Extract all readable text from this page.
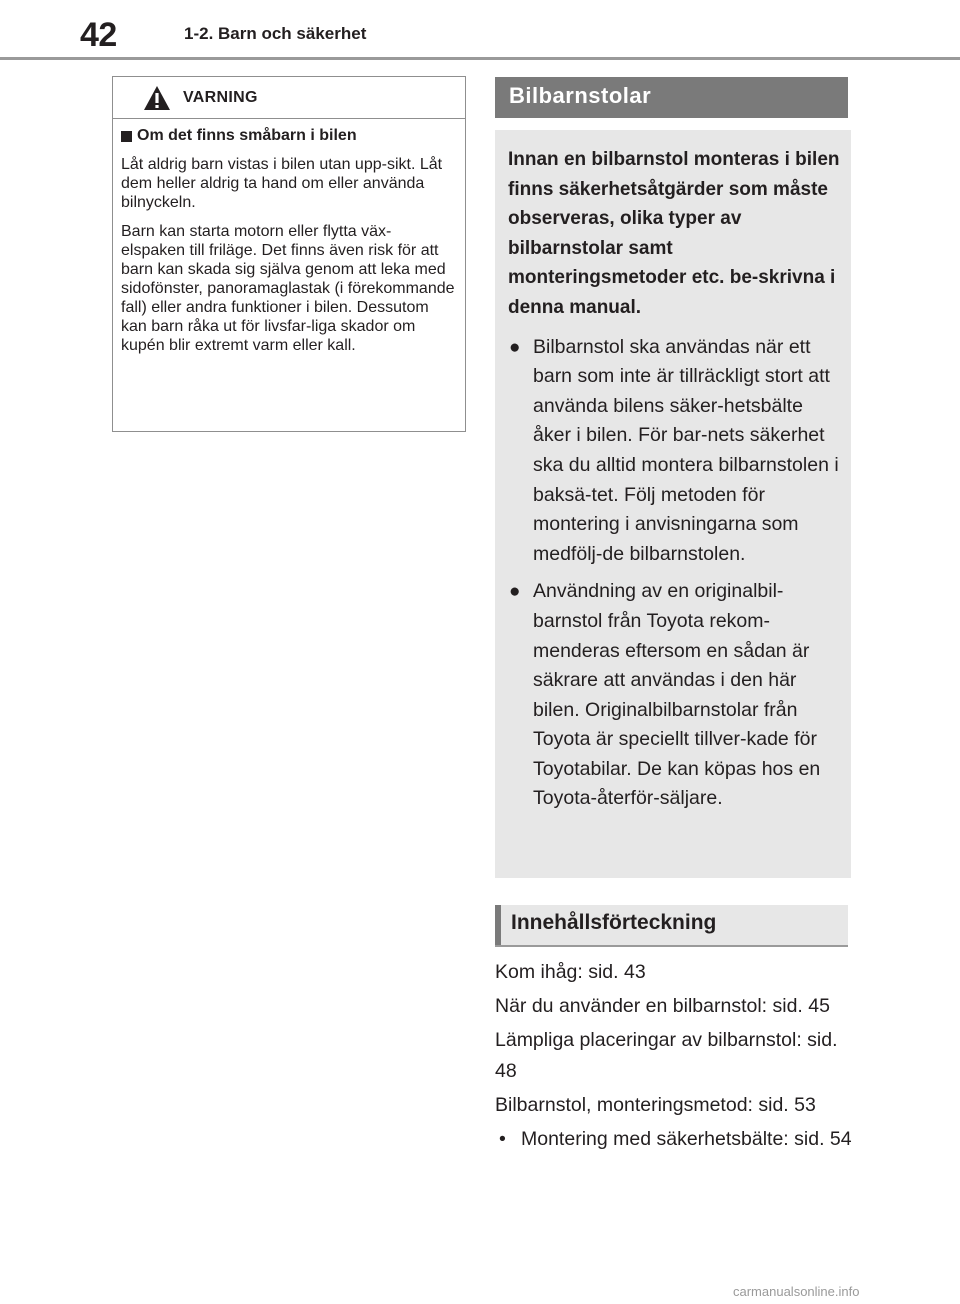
42	1-2. Barn och säkerhet
VARNING
Om det finns småbarn i bilen
Låt aldrig barn vistas i bilen utan upp-sikt. Låt dem heller aldrig ta hand om eller använda bilnyckeln.
Barn kan starta motorn eller flytta väx-elspaken till friläge. Det finns även risk för att barn kan skada sig själva genom att leka med sidofönster, panoramaglastak (i förekommande fall) eller andra funktioner i bilen. Dessutom kan barn råka ut för livsfar-liga skador om kupén blir extremt varm eller kall.
Bilbarnstolar
Innan en bilbarnstol monteras i bilen finns säkerhetsåtgärder som måste observeras, olika typer av bilbarnstolar samt monteringsmetoder etc. be-skrivna i denna manual.
● Bilbarnstol ska användas när ett barn som inte är tillräckligt stort att använda bilens säker-hetsbälte åker i bilen. För bar-nets säkerhet ska du alltid montera bilbarnstolen i baksä-tet. Följ metoden för montering i anvisningarna som medfölj-de bilbarnstolen.
● Användning av en originalbil-barnstol från Toyota rekom-menderas eftersom en sådan är säkrare att användas i den här bilen. Originalbilbarnstolar från Toyota är speciellt tillver-kade för Toyotabilar. De kan köpas hos en Toyota-återför-säljare.
Innehållsförteckning
Kom ihåg: sid. 43
När du använder en bilbarnstol: sid. 45
Lämpliga placeringar av bilbarnstol: sid. 48
Bilbarnstol, monteringsmetod: sid. 53
• Montering med säkerhetsbälte: sid. 54
carmanualsonline.info
